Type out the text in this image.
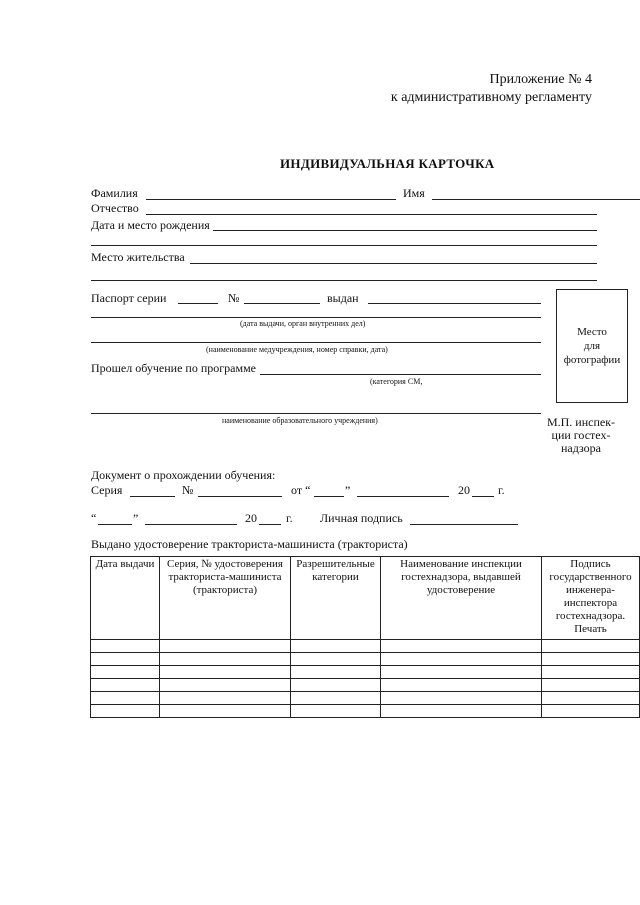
Приложение № 4
к административному регламенту
ИНДИВИДУАЛЬНАЯ КАРТОЧКА
Фамилия	Имя
Отчество
Дата и место рождения
Место жительства
Паспорт серии	№	выдан
(дата выдачи, орган внутренних дел)
(наименование медучреждения, номер справки, дата)
Прошел обучение по программе
(категория СМ,
наименование образовательного учреждения)
Место
для
фотографии
М.П. инспек-
ции гостех-
надзора
Документ о прохождении обучения:
Серия	№	от “	”	20 г.
“	”	20 г. Личная подпись
Выдано удостоверение тракториста-машиниста (тракториста)
Дата выдачи	Серия, № удостоверения тракториста-машиниста (тракториста)	Разрешительные категории	Наименование инспекции гостехнадзора, выдавшей удостоверение	Подпись государственного инженера-инспектора гостехнадзора. Печать
